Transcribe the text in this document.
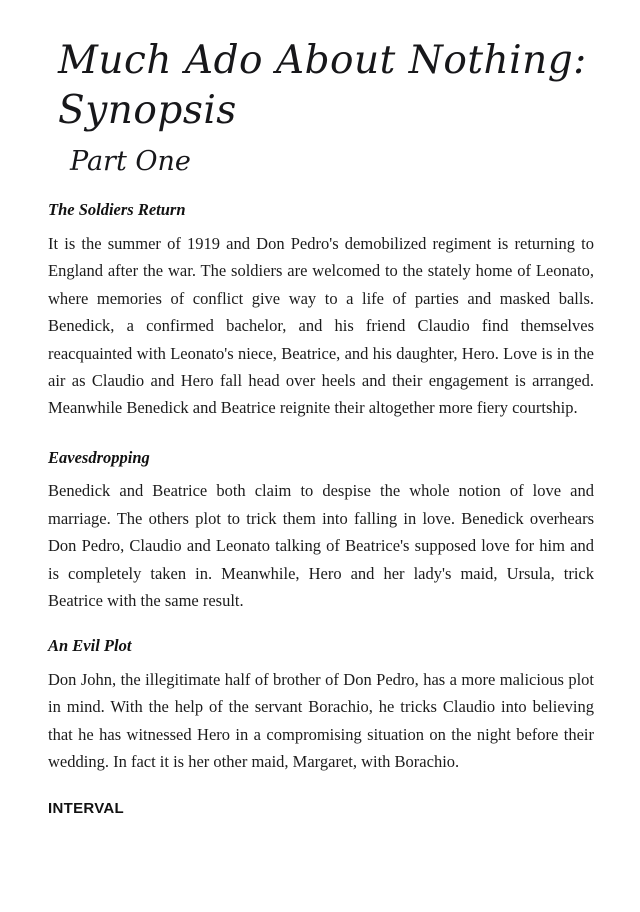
Much Ado About Nothing: Synopsis
Part One
The Soldiers Return

It is the summer of 1919 and Don Pedro's demobilized regiment is returning to England after the war. The soldiers are welcomed to the stately home of Leonato, where memories of conflict give way to a life of parties and masked balls. Benedick, a confirmed bachelor, and his friend Claudio find themselves reacquainted with Leonato's niece, Beatrice, and his daughter, Hero. Love is in the air as Claudio and Hero fall head over heels and their engagement is arranged. Meanwhile Benedick and Beatrice reignite their altogether more fiery courtship.

Eavesdropping

Benedick and Beatrice both claim to despise the whole notion of love and marriage. The others plot to trick them into falling in love. Benedick overhears Don Pedro, Claudio and Leonato talking of Beatrice's supposed love for him and is completely taken in. Meanwhile, Hero and her lady's maid, Ursula, trick Beatrice with the same result.

An Evil Plot

Don John, the illegitimate half of brother of Don Pedro, has a more malicious plot in mind. With the help of the servant Borachio, he tricks Claudio into believing that he has witnessed Hero in a compromising situation on the night before their wedding. In fact it is her other maid, Margaret, with Borachio.

INTERVAL
